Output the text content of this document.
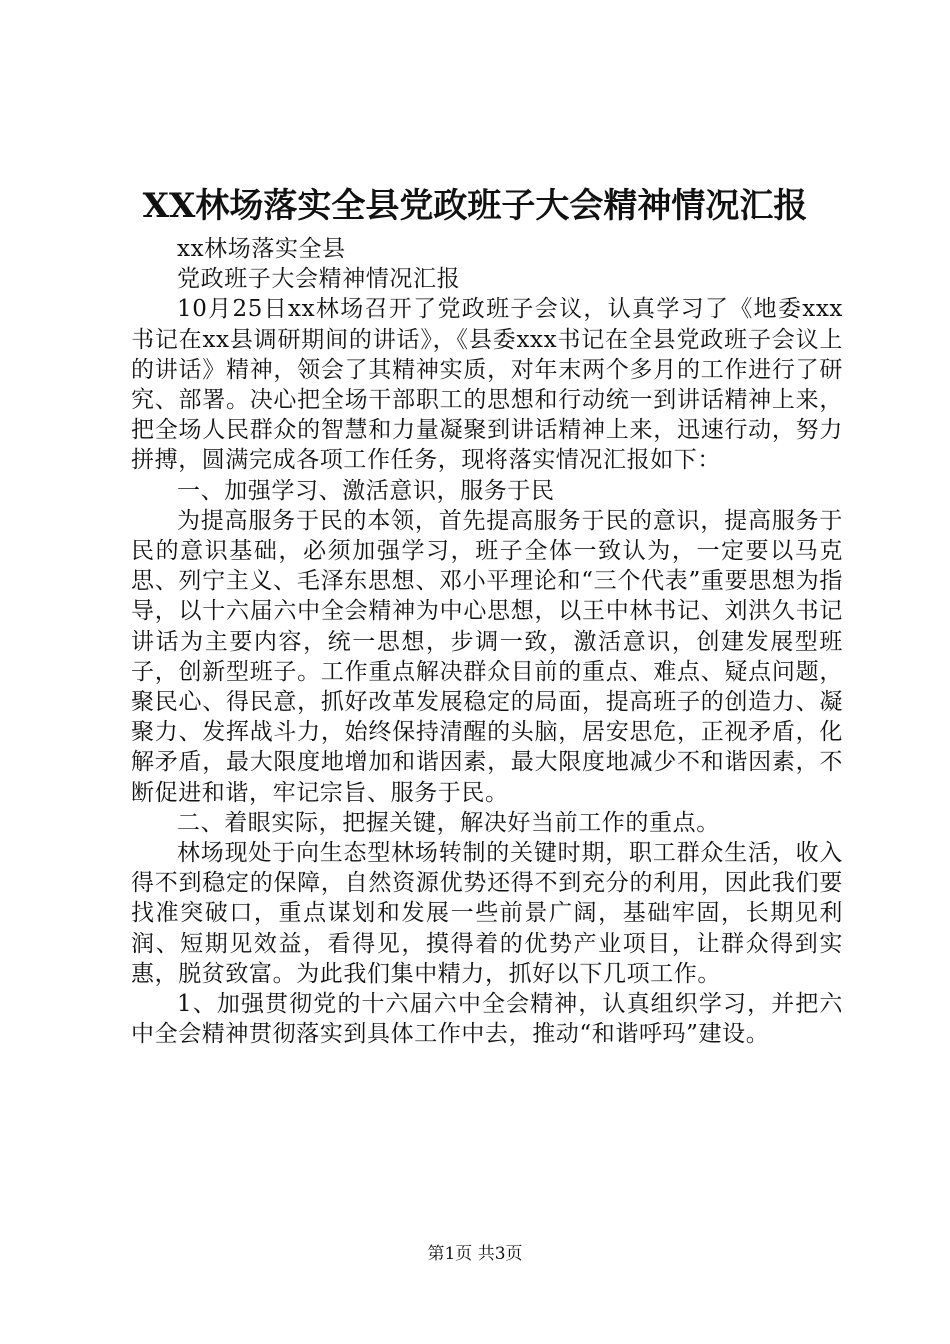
XX林场落实全县党政班子大会精神情况汇报

xx林场落实全县

党政班子大会精神情况汇报

10月25日xx林场召开了党政班子会议，认真学习了《地委xxx书记在xx县调研期间的讲话》，《县委xxx书记在全县党政班子会议上的讲话》精神，领会了其精神实质，对年末两个多月的工作进行了研究、部署。决心把全场干部职工的思想和行动统一到讲话精神上来，把全场人民群众的智慧和力量凝聚到讲话精神上来，迅速行动，努力拼搏，圆满完成各项工作任务，现将落实情况汇报如下：

一、加强学习、激活意识，服务于民

为提高服务于民的本领，首先提高服务于民的意识，提高服务于民的意识基础，必须加强学习，班子全体一致认为，一定要以马克思、列宁主义、毛泽东思想、邓小平理论和“三个代表”重要思想为指导，以十六届六中全会精神为中心思想，以王中林书记、刘洪久书记讲话为主要内容，统一思想，步调一致，激活意识，创建发展型班子，创新型班子。工作重点解决群众目前的重点、难点、疑点问题，聚民心、得民意，抓好改革发展稳定的局面，提高班子的创造力、凝聚力、发挥战斗力，始终保持清醒的头脑，居安思危，正视矛盾，化解矛盾，最大限度地增加和谐因素，最大限度地减少不和谐因素，不断促进和谐，牢记宗旨、服务于民。

二、着眼实际，把握关键，解决好当前工作的重点。

林场现处于向生态型林场转制的关键时期，职工群众生活，收入得不到稳定的保障，自然资源优势还得不到充分的利用，因此我们要找准突破口，重点谋划和发展一些前景广阔，基础牢固，长期见利润、短期见效益，看得见，摸得着的优势产业项目，让群众得到实惠，脱贫致富。为此我们集中精力，抓好以下几项工作。

1、加强贯彻党的十六届六中全会精神，认真组织学习，并把六中全会精神贯彻落实到具体工作中去，推动“和谐呼玛”建设。

第1页 共3页
